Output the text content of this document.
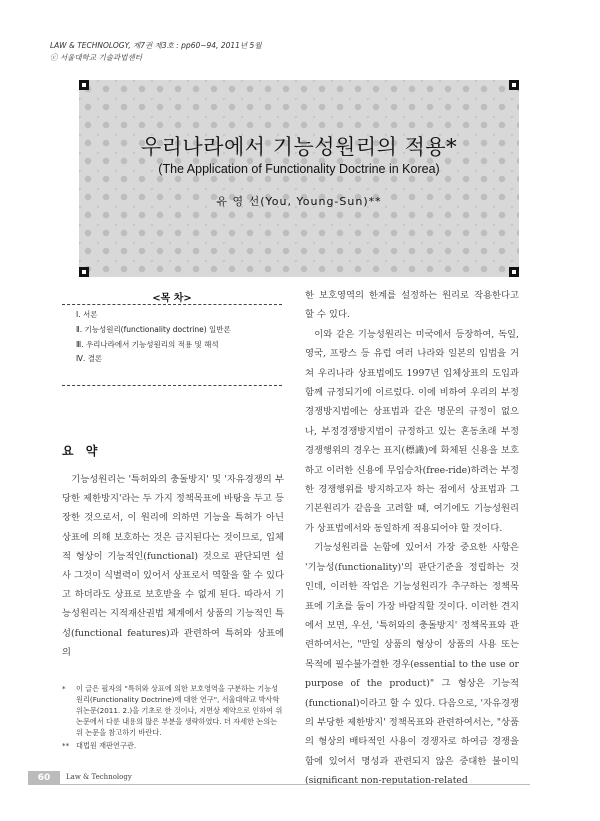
LAW & TECHNOLOGY, 제7권 제3호 : pp60~94, 2011년 5월
ⓒ 서울대학교 기술과법센터
우리나라에서 기능성원리의 적용*
(The Application of Functionality Doctrine in Korea)
유 영 선(You, Young-Sun)**
<목 차>
Ⅰ. 서론
Ⅱ. 기능성원리(functionality doctrine) 일반론
Ⅲ. 우리나라에서 기능성원리의 적용 및 해석
Ⅳ. 결론
요 약

기능성원리는 '특허와의 충돌방지' 및 '자유경쟁의 부당한 제한방지'라는 두 가지 정책목표에 바탕을 두고 등장한 것으로서, 이 원리에 의하면 기능을 특허가 아닌 상표에 의해 보호하는 것은 금지된다는 것이므로, 입체적 형상이 기능적인(functional) 것으로 판단되면 설사 그것이 식별력이 있어서 상표로서 역할을 할 수 있다고 하더라도 상표로 보호받을 수 없게 된다. 따라서 기능성원리는 지적재산권법 체계에서 상품의 기능적인 특성(functional features)과 관련하여 특허와 상표에 의

한 보호영역의 한계를 설정하는 원리로 작용한다고 할 수 있다.

이와 같은 기능성원리는 미국에서 등장하여, 독일, 영국, 프랑스 등 유럽 여러 나라와 일본의 입법을 거쳐 우리나라 상표법에도 1997년 입체상표의 도입과 함께 규정되기에 이르렀다. 이에 비하여 우리의 부정경쟁방지법에는 상표법과 같은 명문의 규정이 없으나, 부정경쟁방지법이 규정하고 있는 혼동초래 부정경쟁행위의 경우는 표지(標識)에 화체된 신용을 보호하고 이러한 신용에 무임승차(free-ride)하려는 부정한 경쟁행위를 방지하고자 하는 점에서 상표법과 그 기본원리가 같음을 고려할 때, 여기에도 기능성원리가 상표법에서와 동일하게 적용되어야 할 것이다.

기능성원리를 논함에 있어서 가장 중요한 사항은 '기능성(functionality)'의 판단기준을 정립하는 것인데, 이러한 작업은 기능성원리가 추구하는 정책목표에 기초를 둠이 가장 바람직할 것이다. 이러한 견지에서 보면, 우선, '특허와의 충돌방지' 정책목표와 관련하여서는, "만일 상품의 형상이 상품의 사용 또는 목적에 필수불가결한 경우(essential to the use or purpose of the product)" 그 형상은 기능적(functional)이라고 할 수 있다. 다음으로, '자유경쟁의 부당한 제한방지' 정책목표와 관련하여서는, "상품의 형상의 배타적인 사용이 경쟁자로 하여금 경쟁을 함에 있어서 명성과 관련되지 않은 중대한 불이익(significant non-reputation-related

*	이 글은 필자의 "특허와 상표에 의한 보호영역을 구분하는 기능성원리(Functionality Doctrine)에 대한 연구", 서울대학교 박사학위논문(2011. 2.)을 기초로 한 것이나, 지면상 제약으로 인하여 위 논문에서 다룬 내용의 많은 부분을 생략하였다. 더 자세한 논의는 위 논문을 참고하기 바란다.
** 대법원 재판연구관.
60	Law & Technology
